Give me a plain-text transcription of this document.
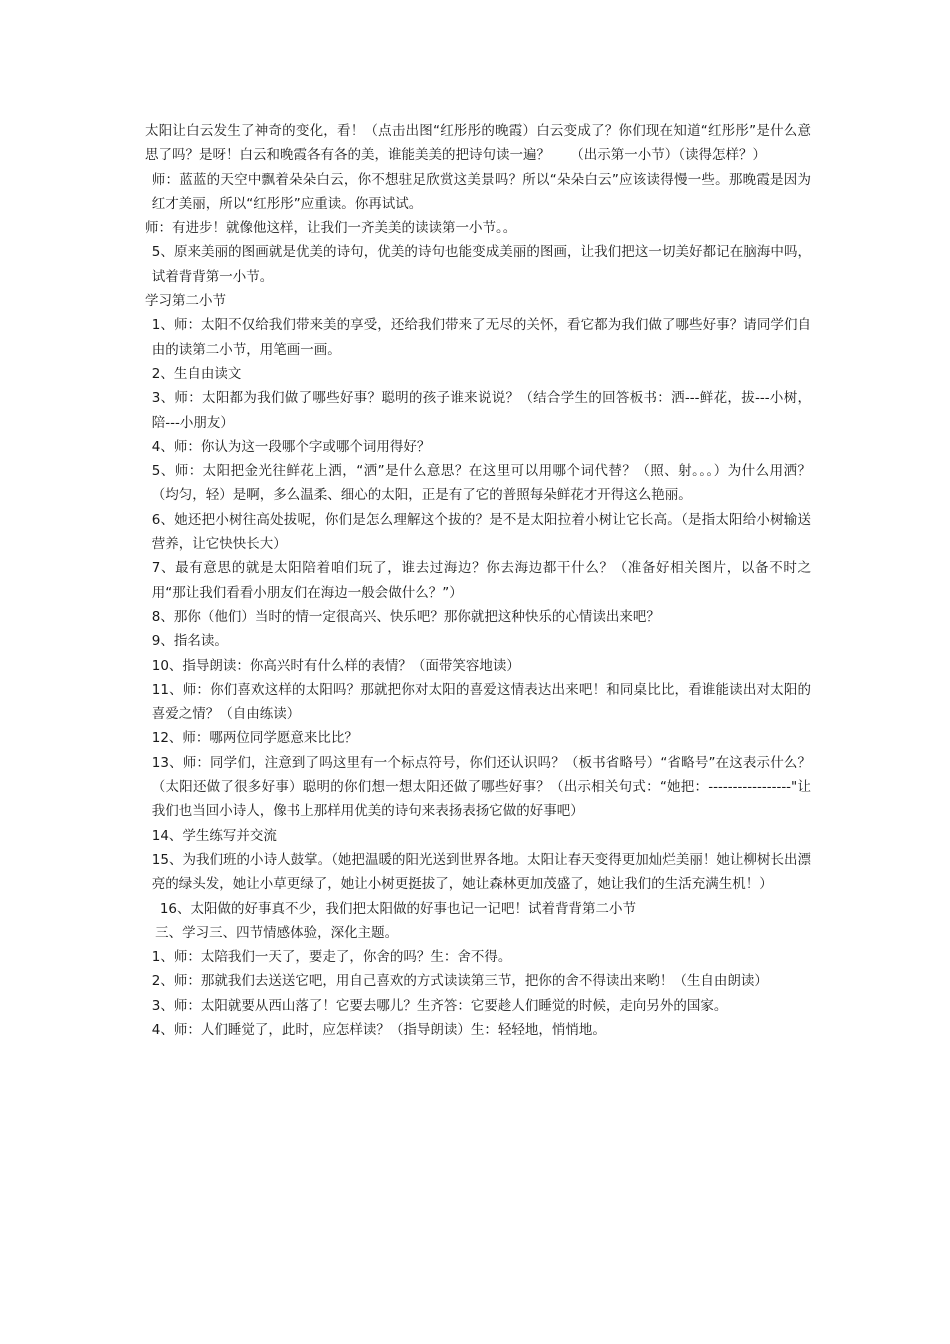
太阳让白云发生了神奇的变化，看！（点击出图“红彤彤的晚霞）白云变成了？你们现在知道“红彤彤”是什么意思了吗？是呀！白云和晚霞各有各的美，谁能美美的把诗句读一遍？　　（出示第一小节）（读得怎样？）

师：蓝蓝的天空中飘着朵朵白云，你不想驻足欣赏这美景吗？所以“朵朵白云”应该读得慢一些。那晚霞是因为红才美丽，所以“红彤彤”应重读。你再试试。

师：有进步！就像他这样，让我们一齐美美的读读第一小节。。

5、原来美丽的图画就是优美的诗句，优美的诗句也能变成美丽的图画，让我们把这一切美好都记在脑海中吗，试着背背第一小节。

学习第二小节

1、师：太阳不仅给我们带来美的享受，还给我们带来了无尽的关怀，看它都为我们做了哪些好事？请同学们自由的读第二小节，用笔画一画。

2、生自由读文

3、师：太阳都为我们做了哪些好事？聪明的孩子谁来说说？（结合学生的回答板书：洒---鲜花，拔---小树，陪---小朋友）

4、师：你认为这一段哪个字或哪个词用得好？

5、师：太阳把金光往鲜花上洒，“洒”是什么意思？在这里可以用哪个词代替？（照、射。。。）为什么用洒？（均匀，轻）是啊，多么温柔、细心的太阳，正是有了它的普照每朵鲜花才开得这么艳丽。

6、她还把小树往高处拔呢，你们是怎么理解这个拔的？是不是太阳拉着小树让它长高。（是指太阳给小树输送营养，让它快快长大）

7、最有意思的就是太阳陪着咱们玩了，谁去过海边？你去海边都干什么？（准备好相关图片，以备不时之用“那让我们看看小朋友们在海边一般会做什么？”）

8、那你（他们）当时的情一定很高兴、快乐吧？那你就把这种快乐的心情读出来吧？

9、指名读。

10、指导朗读：你高兴时有什么样的表情？（面带笑容地读）

11、师：你们喜欢这样的太阳吗？那就把你对太阳的喜爱这情表达出来吧！和同桌比比，看谁能读出对太阳的喜爱之情？（自由练读）

12、师：哪两位同学愿意来比比？

13、师：同学们，注意到了吗这里有一个标点符号，你们还认识吗？（板书省略号）“省略号”在这表示什么？（太阳还做了很多好事）聪明的你们想一想太阳还做了哪些好事？（出示相关句式：“她把：-----------------"让我们也当回小诗人，像书上那样用优美的诗句来表扬表扬它做的好事吧）

14、学生练写并交流

15、为我们班的小诗人鼓掌。（她把温暖的阳光送到世界各地。太阳让春天变得更加灿烂美丽！她让柳树长出漂亮的绿头发，她让小草更绿了，她让小树更挺拔了，她让森林更加茂盛了，她让我们的生活充满生机！）

16、太阳做的好事真不少，我们把太阳做的好事也记一记吧！试着背背第二小节

三、学习三、四节情感体验，深化主题。

1、师：太陪我们一天了，要走了，你舍的吗？生：舍不得。

2、师：那就我们去送送它吧，用自己喜欢的方式读读第三节，把你的舍不得读出来哟！（生自由朗读）

3、师：太阳就要从西山落了！它要去哪儿？生齐答：它要趁人们睡觉的时候，走向另外的国家。

4、师：人们睡觉了，此时，应怎样读？（指导朗读）生：轻轻地，悄悄地。
